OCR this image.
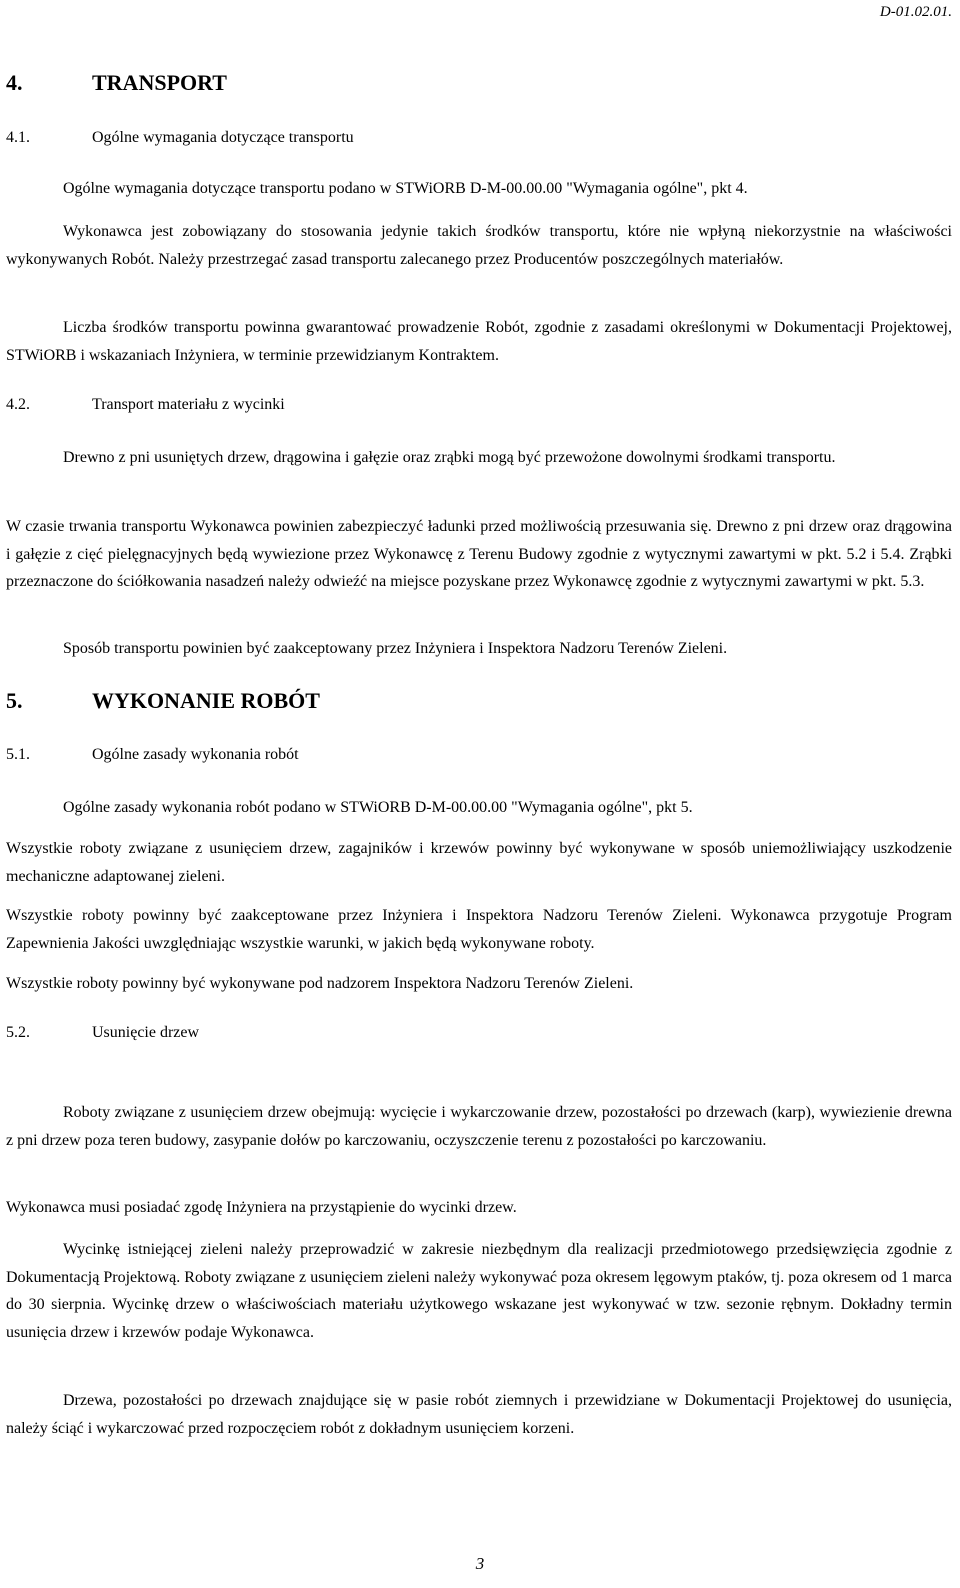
D-01.02.01.
4.	TRANSPORT
4.1.	Ogólne wymagania dotyczące transportu
Ogólne wymagania dotyczące transportu podano w STWiORB D-M-00.00.00 "Wymagania ogólne", pkt 4.
Wykonawca jest zobowiązany do stosowania jedynie takich środków transportu, które nie wpłyną niekorzystnie na właściwości wykonywanych Robót. Należy przestrzegać zasad transportu zalecanego przez Producentów poszczególnych materiałów.
Liczba środków transportu powinna gwarantować prowadzenie Robót, zgodnie z zasadami określonymi w Dokumentacji Projektowej, STWiORB i wskazaniach Inżyniera, w terminie przewidzianym Kontraktem.
4.2.	Transport materiału z wycinki
Drewno z pni usuniętych drzew, drągowina i gałęzie oraz zrąbki mogą być przewożone dowolnymi środkami transportu.
W czasie trwania transportu Wykonawca powinien zabezpieczyć ładunki przed możliwością przesuwania się. Drewno z pni drzew oraz drągowina i gałęzie z cięć pielęgnacyjnych będą wywiezione przez Wykonawcę z Terenu Budowy zgodnie z wytycznymi zawartymi w pkt. 5.2 i 5.4. Zrąbki przeznaczone do ściółkowania nasadzeń należy odwieźć na miejsce pozyskane przez Wykonawcę zgodnie z wytycznymi zawartymi w pkt. 5.3.
Sposób transportu powinien być zaakceptowany przez Inżyniera i Inspektora Nadzoru Terenów Zieleni.
5.	WYKONANIE ROBÓT
5.1.	Ogólne zasady wykonania robót
Ogólne zasady wykonania robót podano w STWiORB D-M-00.00.00 "Wymagania ogólne", pkt 5.
Wszystkie roboty związane z usunięciem drzew, zagajników i krzewów powinny być wykonywane w sposób uniemożliwiający uszkodzenie mechaniczne adaptowanej zieleni.
Wszystkie roboty powinny być zaakceptowane przez Inżyniera i Inspektora Nadzoru Terenów Zieleni. Wykonawca przygotuje Program Zapewnienia Jakości uwzględniając wszystkie warunki, w jakich będą wykonywane roboty.
Wszystkie roboty powinny być wykonywane pod nadzorem Inspektora Nadzoru Terenów Zieleni.
5.2.	Usunięcie drzew
Roboty związane z usunięciem drzew obejmują: wycięcie i wykarczowanie drzew, pozostałości po drzewach (karp), wywiezienie drewna z pni drzew poza teren budowy, zasypanie dołów po karczowaniu, oczyszczenie terenu z pozostałości po karczowaniu.
Wykonawca musi posiadać zgodę Inżyniera na przystąpienie do wycinki drzew.
Wycinkę istniejącej zieleni należy przeprowadzić w zakresie niezbędnym dla realizacji przedmiotowego przedsięwzięcia zgodnie z Dokumentacją Projektową. Roboty związane z usunięciem zieleni należy wykonywać poza okresem lęgowym ptaków, tj. poza okresem od 1 marca do 30 sierpnia. Wycinkę drzew o właściwościach materiału użytkowego wskazane jest wykonywać w tzw. sezonie rębnym. Dokładny termin usunięcia drzew i krzewów podaje Wykonawca.
Drzewa, pozostałości po drzewach znajdujące się w pasie robót ziemnych i przewidziane w Dokumentacji Projektowej do usunięcia, należy ściąć i wykarczować przed rozpoczęciem robót z dokładnym usunięciem korzeni.
3
